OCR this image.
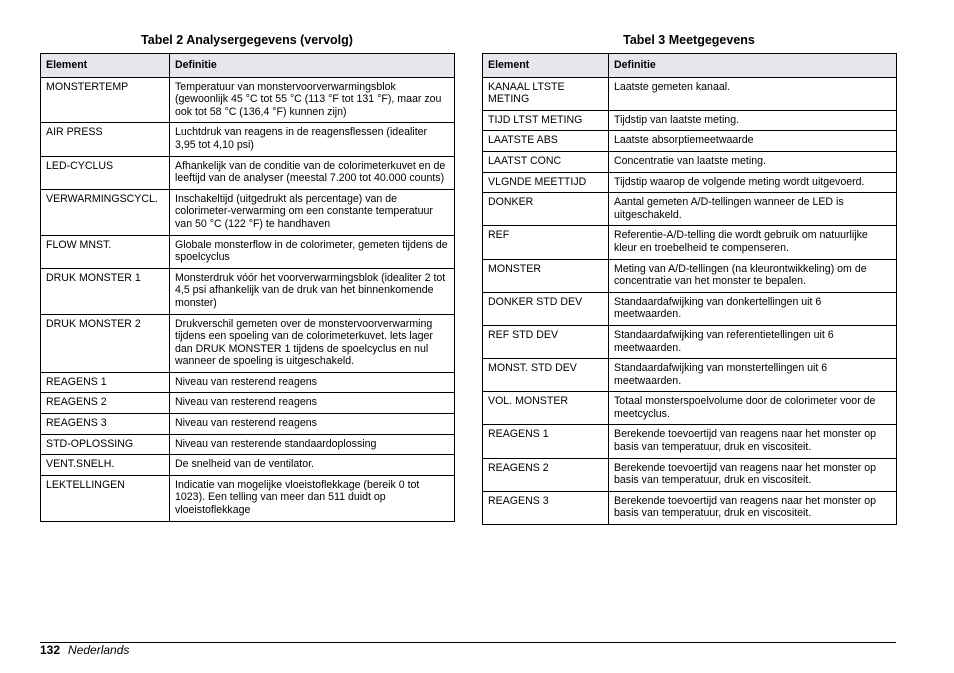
Tabel 2 Analysergegevens (vervolg)
Element	Definitie
MONSTERTEMP	Temperatuur van monstervoorverwarmingsblok (gewoonlijk 45 °C tot 55 °C (113 °F tot 131 °F), maar zou ook tot 58 °C (136,4 °F) kunnen zijn)
AIR PRESS	Luchtdruk van reagens in de reagensflessen (idealiter 3,95 tot 4,10 psi)
LED-CYCLUS	Afhankelijk van de conditie van de colorimeterkuvet en de leeftijd van de analyser (meestal 7.200 tot 40.000 counts)
VERWARMINGSCYCL.	Inschakeltijd (uitgedrukt als percentage) van de colorimeter-verwarming om een constante temperatuur van 50 °C (122 °F) te handhaven
FLOW MNST.	Globale monsterflow in de colorimeter, gemeten tijdens de spoelcyclus
DRUK MONSTER 1	Monsterdruk vóór het voorverwarmingsblok (idealiter 2 tot 4,5 psi afhankelijk van de druk van het binnenkomende monster)
DRUK MONSTER 2	Drukverschil gemeten over de monstervoorverwarming tijdens een spoeling van de colorimeterkuvet. lets lager dan DRUK MONSTER 1 tijdens de spoelcyclus en nul wanneer de spoeling is uitgeschakeld.
REAGENS 1	Niveau van resterend reagens
REAGENS 2	Niveau van resterend reagens
REAGENS 3	Niveau van resterend reagens
STD-OPLOSSING	Niveau van resterende standaardoplossing
VENT.SNELH.	De snelheid van de ventilator.
LEKTELLINGEN	Indicatie van mogelijke vloeistoflekkage (bereik 0 tot 1023). Een telling van meer dan 511 duidt op vloeistoflekkage
Tabel 3 Meetgegevens
Element	Definitie
KANAAL LTSTE METING	Laatste gemeten kanaal.
TIJD LTST METING	Tijdstip van laatste meting.
LAATSTE ABS	Laatste absorptiemeetwaarde
LAATST CONC	Concentratie van laatste meting.
VLGNDE MEETTIJD	Tijdstip waarop de volgende meting wordt uitgevoerd.
DONKER	Aantal gemeten A/D-tellingen wanneer de LED is uitgeschakeld.
REF	Referentie-A/D-telling die wordt gebruik om natuurlijke kleur en troebelheid te compenseren.
MONSTER	Meting van A/D-tellingen (na kleurontwikkeling) om de concentratie van het monster te bepalen.
DONKER STD DEV	Standaardafwijking van donkertellingen uit 6 meetwaarden.
REF STD DEV	Standaardafwijking van referentietellingen uit 6 meetwaarden.
MONST. STD DEV	Standaardafwijking van monstertellingen uit 6 meetwaarden.
VOL. MONSTER	Totaal monsterspoelvolume door de colorimeter voor de meetcyclus.
REAGENS 1	Berekende toevoertijd van reagens naar het monster op basis van temperatuur, druk en viscositeit.
REAGENS 2	Berekende toevoertijd van reagens naar het monster op basis van temperatuur, druk en viscositeit.
REAGENS 3	Berekende toevoertijd van reagens naar het monster op basis van temperatuur, druk en viscositeit.
132 Nederlands
